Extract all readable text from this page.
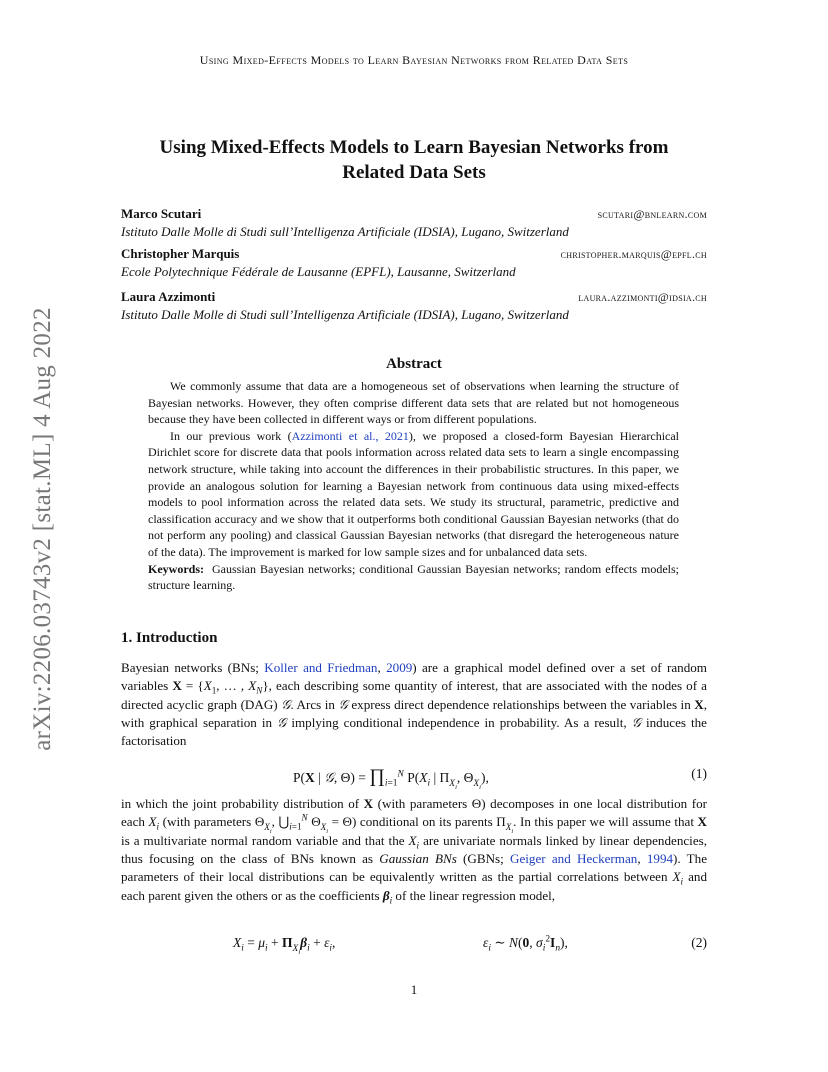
Using Mixed-Effects Models to Learn Bayesian Networks from Related Data Sets
arXiv:2206.03743v2 [stat.ML] 4 Aug 2022
Using Mixed-Effects Models to Learn Bayesian Networks from
Related Data Sets
Marco Scutari	scutari@bnlearn.com
Istituto Dalle Molle di Studi sull’Intelligenza Artificiale (IDSIA), Lugano, Switzerland
Christopher Marquis	christopher.marquis@epfl.ch
Ecole Polytechnique Fédérale de Lausanne (EPFL), Lausanne, Switzerland
Laura Azzimonti	laura.azzimonti@idsia.ch
Istituto Dalle Molle di Studi sull’Intelligenza Artificiale (IDSIA), Lugano, Switzerland
Abstract

We commonly assume that data are a homogeneous set of observations when learning the structure of Bayesian networks. However, they often comprise different data sets that are related but not homogeneous because they have been collected in different ways or from different populations.

In our previous work (Azzimonti et al., 2021), we proposed a closed-form Bayesian Hierarchical Dirichlet score for discrete data that pools information across related data sets to learn a single encompassing network structure, while taking into account the differences in their probabilistic structures. In this paper, we provide an analogous solution for learning a Bayesian network from continuous data using mixed-effects models to pool information across the related data sets. We study its structural, parametric, predictive and classification accuracy and we show that it outperforms both conditional Gaussian Bayesian networks (that do not perform any pooling) and classical Gaussian Bayesian networks (that disregard the heterogeneous nature of the data). The improvement is marked for low sample sizes and for unbalanced data sets.

Keywords: Gaussian Bayesian networks; conditional Gaussian Bayesian networks; random effects models; structure learning.

1. Introduction

Bayesian networks (BNs; Koller and Friedman, 2009) are a graphical model defined over a set of random variables $X = \{X_1$, … , $X_N$}, each describing some quantity of interest, that are associated with the nodes of a directed acyclic graph (DAG) 𝒢. Arcs in 𝒢 express direct dependence relationships between the variables in X, with graphical separation in 𝒢 implying conditional independence in probability. As a result, 𝒢 induces the factorisation

P(X | 𝒢, $\Theta) = \prod_{i=1}^N$ $P(X_i$ | $\Pi_{X_i}$, $\Theta_{X_i}$),	(1)

in which the joint probability distribution of X (with parameters Θ) decomposes in one local distribution for each $X_i$ (with parameters $\Theta_{X_i}$, $⋃_{i=1}^N$ $\Theta_{X_i} = \Theta$) conditional on its parents $\Pi_{X_i}$. In this paper we will assume that X is a multivariate normal random variable and that the $X_i$ are univariate normals linked by linear dependencies, thus focusing on the class of BNs known as Gaussian BNs (GBNs; Geiger and Heckerman, 1994). The parameters of their local distributions can be equivalently written as the partial correlations between $X_i$ and each parent given the others or as the coefficients $\beta_i$ of the linear regression model,

$X_i = \mu_i + \Pi_{X_i}\beta_i + \varepsilon_i$,	$\varepsilon_i$ ∼ N(0, $\sigma_i^2I_n$),	(2)
1
